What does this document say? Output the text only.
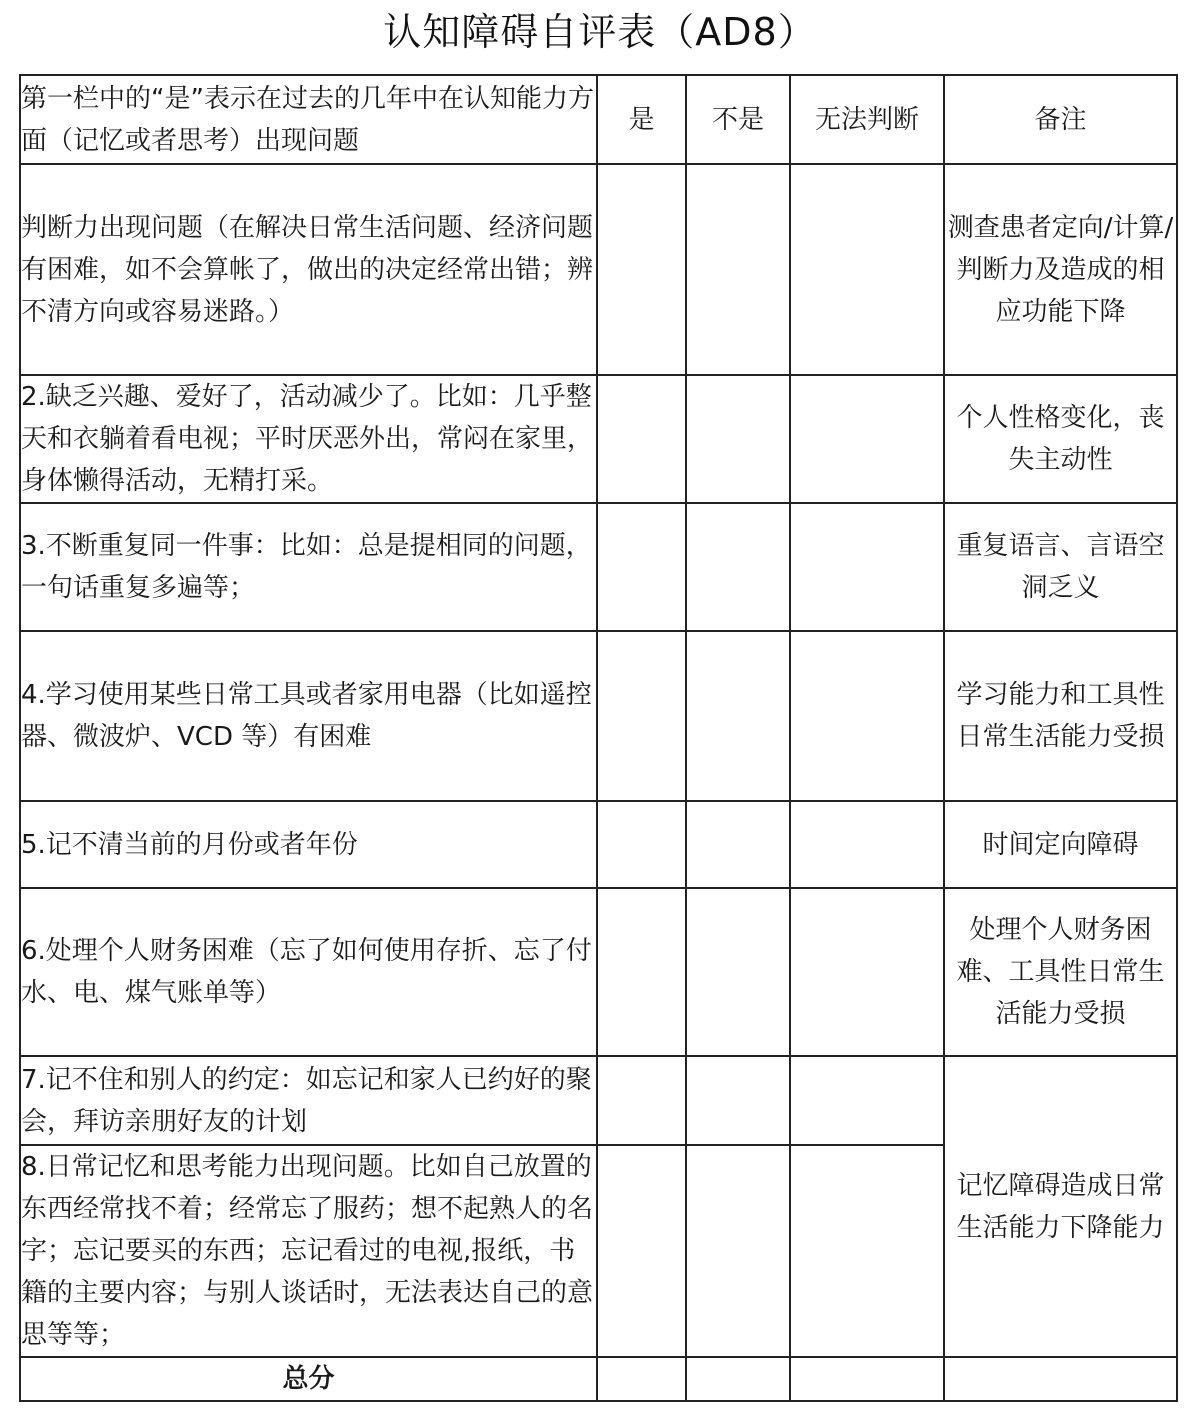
认知障碍自评表（AD8）
第一栏中的“是”表示在过去的几年中在认知能力方面（记忆或者思考）出现问题	是	不是	无法判断	备注
判断力出现问题（在解决日常生活问题、经济问题有困难，如不会算帐了，做出的决定经常出错；辨不清方向或容易迷路。）				测查患者定向/计算/判断力及造成的相应功能下降
2.缺乏兴趣、爱好了，活动减少了。比如：几乎整天和衣躺着看电视；平时厌恶外出，常闷在家里，身体懒得活动，无精打采。				个人性格变化，丧失主动性
3.不断重复同一件事：比如：总是提相同的问题，一句话重复多遍等；				重复语言、言语空洞乏义
4.学习使用某些日常工具或者家用电器（比如遥控器、微波炉、VCD 等）有困难				学习能力和工具性日常生活能力受损
5.记不清当前的月份或者年份				时间定向障碍
6.处理个人财务困难（忘了如何使用存折、忘了付水、电、煤气账单等）				处理个人财务困难、工具性日常生活能力受损
7.记不住和别人的约定：如忘记和家人已约好的聚会，拜访亲朋好友的计划				记忆障碍造成日常生活能力下降能力
8.日常记忆和思考能力出现问题。比如自己放置的东西经常找不着；经常忘了服药；想不起熟人的名字；忘记要买的东西；忘记看过的电视,报纸，书籍的主要内容；与别人谈话时，无法表达自己的意思等等；				
总分				
